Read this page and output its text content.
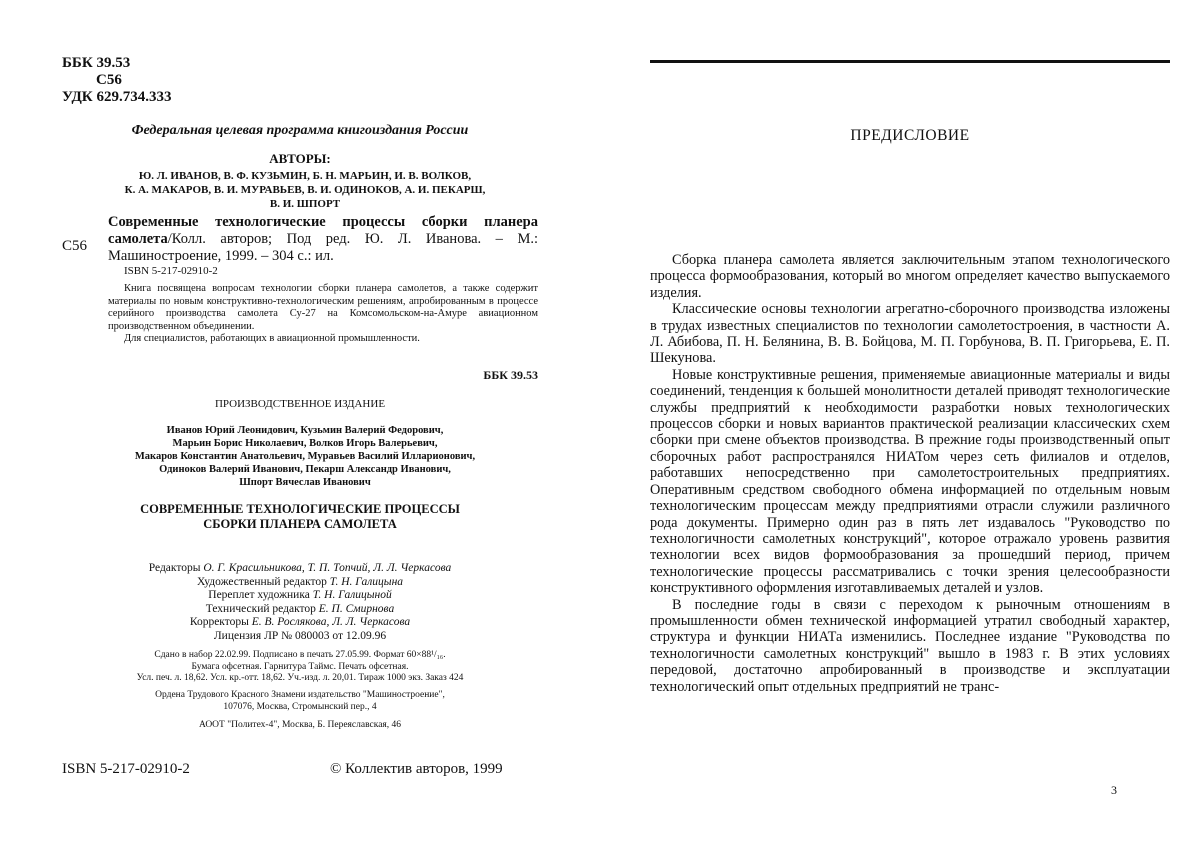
ББК 39.53
С56
УДК 629.734.333
Федеральная целевая программа книгоиздания России
АВТОРЫ:
Ю. Л. ИВАНОВ, В. Ф. КУЗЬМИН, Б. Н. МАРЬИН, И. В. ВОЛКОВ,
К. А. МАКАРОВ, В. И. МУРАВЬЕВ, В. И. ОДИНОКОВ, А. И. ПЕКАРШ,
В. И. ШПОРТ
С56
Современные технологические процессы сборки планера самолета/Колл. авторов; Под ред. Ю. Л. Иванова. – М.: Машиностроение, 1999. – 304 с.: ил.
ISBN 5-217-02910-2

Книга посвящена вопросам технологии сборки планера самолетов, а также содержит материалы по новым конструктивно-технологическим решениям, апробированным в процессе серийного производства самолета Су-27 на Комсомольском-на-Амуре авиационном производственном объединении.

Для специалистов, работающих в авиационной промышленности.

ББК 39.53
ПРОИЗВОДСТВЕННОЕ ИЗДАНИЕ
Иванов Юрий Леонидович, Кузьмин Валерий Федорович,
Марьин Борис Николаевич, Волков Игорь Валерьевич,
Макаров Константин Анатольевич, Муравьев Василий Илларионович,
Одиноков Валерий Иванович, Пекарш Александр Иванович,
Шпорт Вячеслав Иванович
СОВРЕМЕННЫЕ ТЕХНОЛОГИЧЕСКИЕ ПРОЦЕССЫ
СБОРКИ ПЛАНЕРА САМОЛЕТА
Редакторы О. Г. Красильникова, Т. П. Топчий, Л. Л. Черкасова
Художественный редактор Т. Н. Галицына
Переплет художника Т. Н. Галицыной
Технический редактор Е. П. Смирнова
Корректоры Е. В. Рослякова, Л. Л. Черкасова
Лицензия ЛР № 080003 от 12.09.96
Сдано в набор 22.02.99. Подписано в печать 27.05.99. Формат 60×88¹/₁₆.
Бумага офсетная. Гарнитура Таймс. Печать офсетная.
Усл. печ. л. 18,62. Усл. кр.-отт. 18,62. Уч.-изд. л. 20,01. Тираж 1000 экз. Заказ 424
Ордена Трудового Красного Знамени издательство "Машиностроение",
107076, Москва, Стромынский пер., 4
АООТ "Политех-4", Москва, Б. Переяславская, 46
ISBN 5-217-02910-2	© Коллектив авторов, 1999
ПРЕДИСЛОВИЕ

Сборка планера самолета является заключительным этапом технологического процесса формообразования, который во многом определяет качество выпускаемого изделия.

Классические основы технологии агрегатно-сборочного производства изложены в трудах известных специалистов по технологии самолетостроения, в частности А. Л. Абибова, П. Н. Белянина, В. В. Бойцова, М. П. Горбунова, В. П. Григорьева, Е. П. Шекунова.

Новые конструктивные решения, применяемые авиационные материалы и виды соединений, тенденция к большей монолитности деталей приводят технологические службы предприятий к необходимости разработки новых технологических процессов сборки и новых вариантов практической реализации классических схем сборки при смене объектов производства. В прежние годы производственный опыт сборочных работ распространялся НИАТом через сеть филиалов и отделов, работавших непосредственно при самолетостроительных предприятиях. Оперативным средством свободного обмена информацией по отдельным новым технологическим процессам между предприятиями отрасли служили различного рода документы. Примерно один раз в пять лет издавалось "Руководство по технологичности самолетных конструкций", которое отражало уровень развития технологии всех видов формообразования за прошедший период, причем технологические процессы рассматривались с точки зрения целесообразности конструктивного оформления изготавливаемых деталей и узлов.

В последние годы в связи с переходом к рыночным отношениям в промышленности обмен технической информацией утратил свободный характер, структура и функции НИАТа изменились. Последнее издание "Руководства по технологичности самолетных конструкций" вышло в 1983 г. В этих условиях передовой, достаточно апробированный в производстве и эксплуатации технологический опыт отдельных предприятий не транс-

3
